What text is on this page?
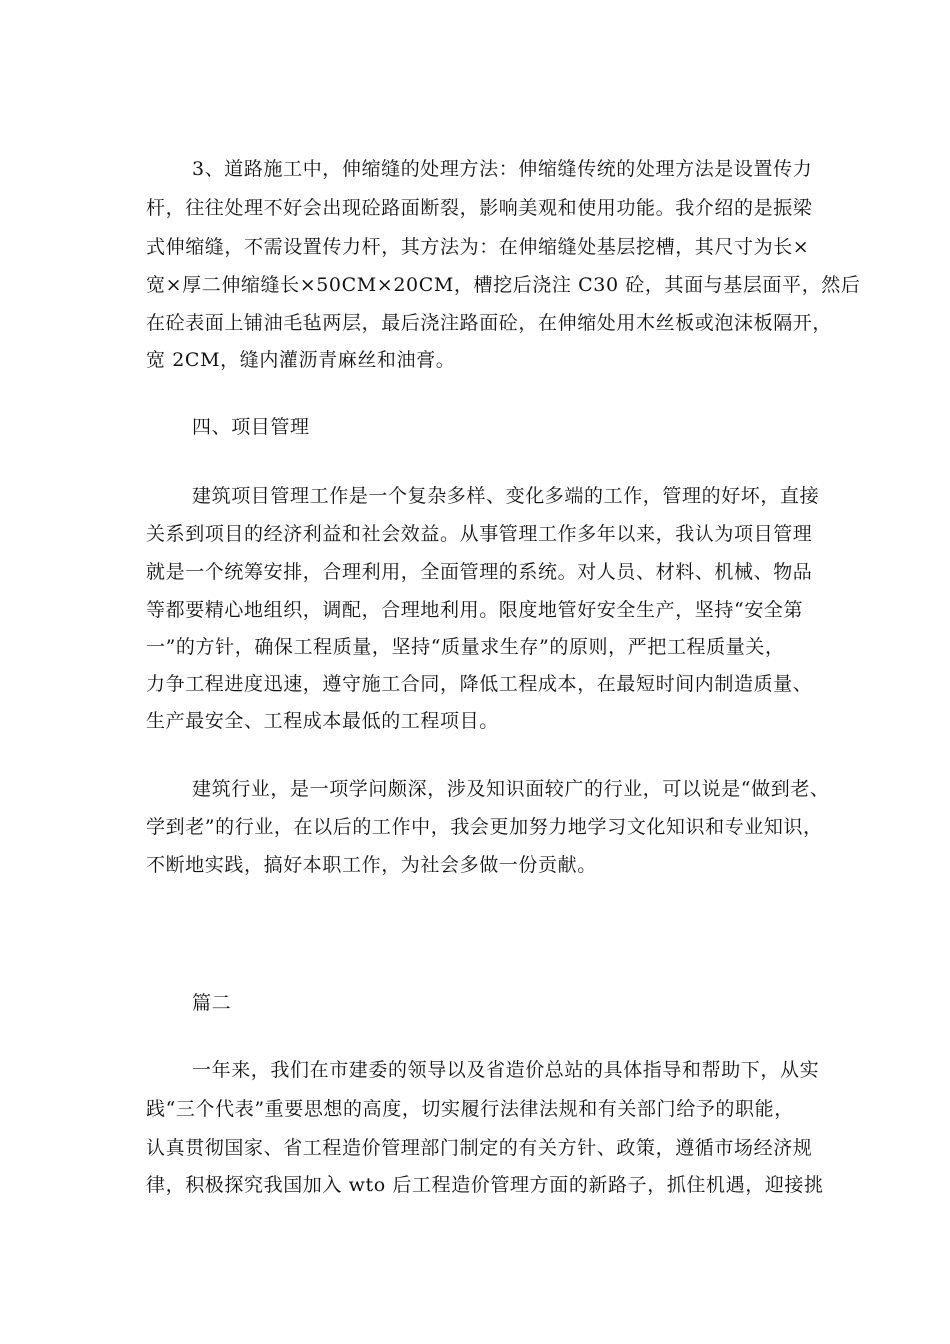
3、道路施工中，伸缩缝的处理方法：伸缩缝传统的处理方法是设置传力
杆，往往处理不好会出现砼路面断裂，影响美观和使用功能。我介绍的是振梁
式伸缩缝，不需设置传力杆，其方法为：在伸缩缝处基层挖槽，其尺寸为长×
宽×厚二伸缩缝长×50CM×20CM，槽挖后浇注 C30 砼，其面与基层面平，然后
在砼表面上铺油毛毡两层，最后浇注路面砼，在伸缩处用木丝板或泡沫板隔开，
宽 2CM，缝内灌沥青麻丝和油膏。
四、项目管理
建筑项目管理工作是一个复杂多样、变化多端的工作，管理的好坏，直接
关系到项目的经济利益和社会效益。从事管理工作多年以来，我认为项目管理
就是一个统筹安排，合理利用，全面管理的系统。对人员、材料、机械、物品
等都要精心地组织，调配，合理地利用。限度地管好安全生产，坚持“安全第
一”的方针，确保工程质量，坚持“质量求生存”的原则，严把工程质量关，
力争工程进度迅速，遵守施工合同，降低工程成本，在最短时间内制造质量、
生产最安全、工程成本最低的工程项目。
建筑行业，是一项学问颇深，涉及知识面较广的行业，可以说是“做到老、
学到老”的行业，在以后的工作中，我会更加努力地学习文化知识和专业知识，
不断地实践，搞好本职工作，为社会多做一份贡献。
篇二
一年来，我们在市建委的领导以及省造价总站的具体指导和帮助下，从实
践“三个代表”重要思想的高度，切实履行法律法规和有关部门给予的职能，
认真贯彻国家、省工程造价管理部门制定的有关方针、政策，遵循市场经济规
律，积极探究我国加入 wto 后工程造价管理方面的新路子，抓住机遇，迎接挑
